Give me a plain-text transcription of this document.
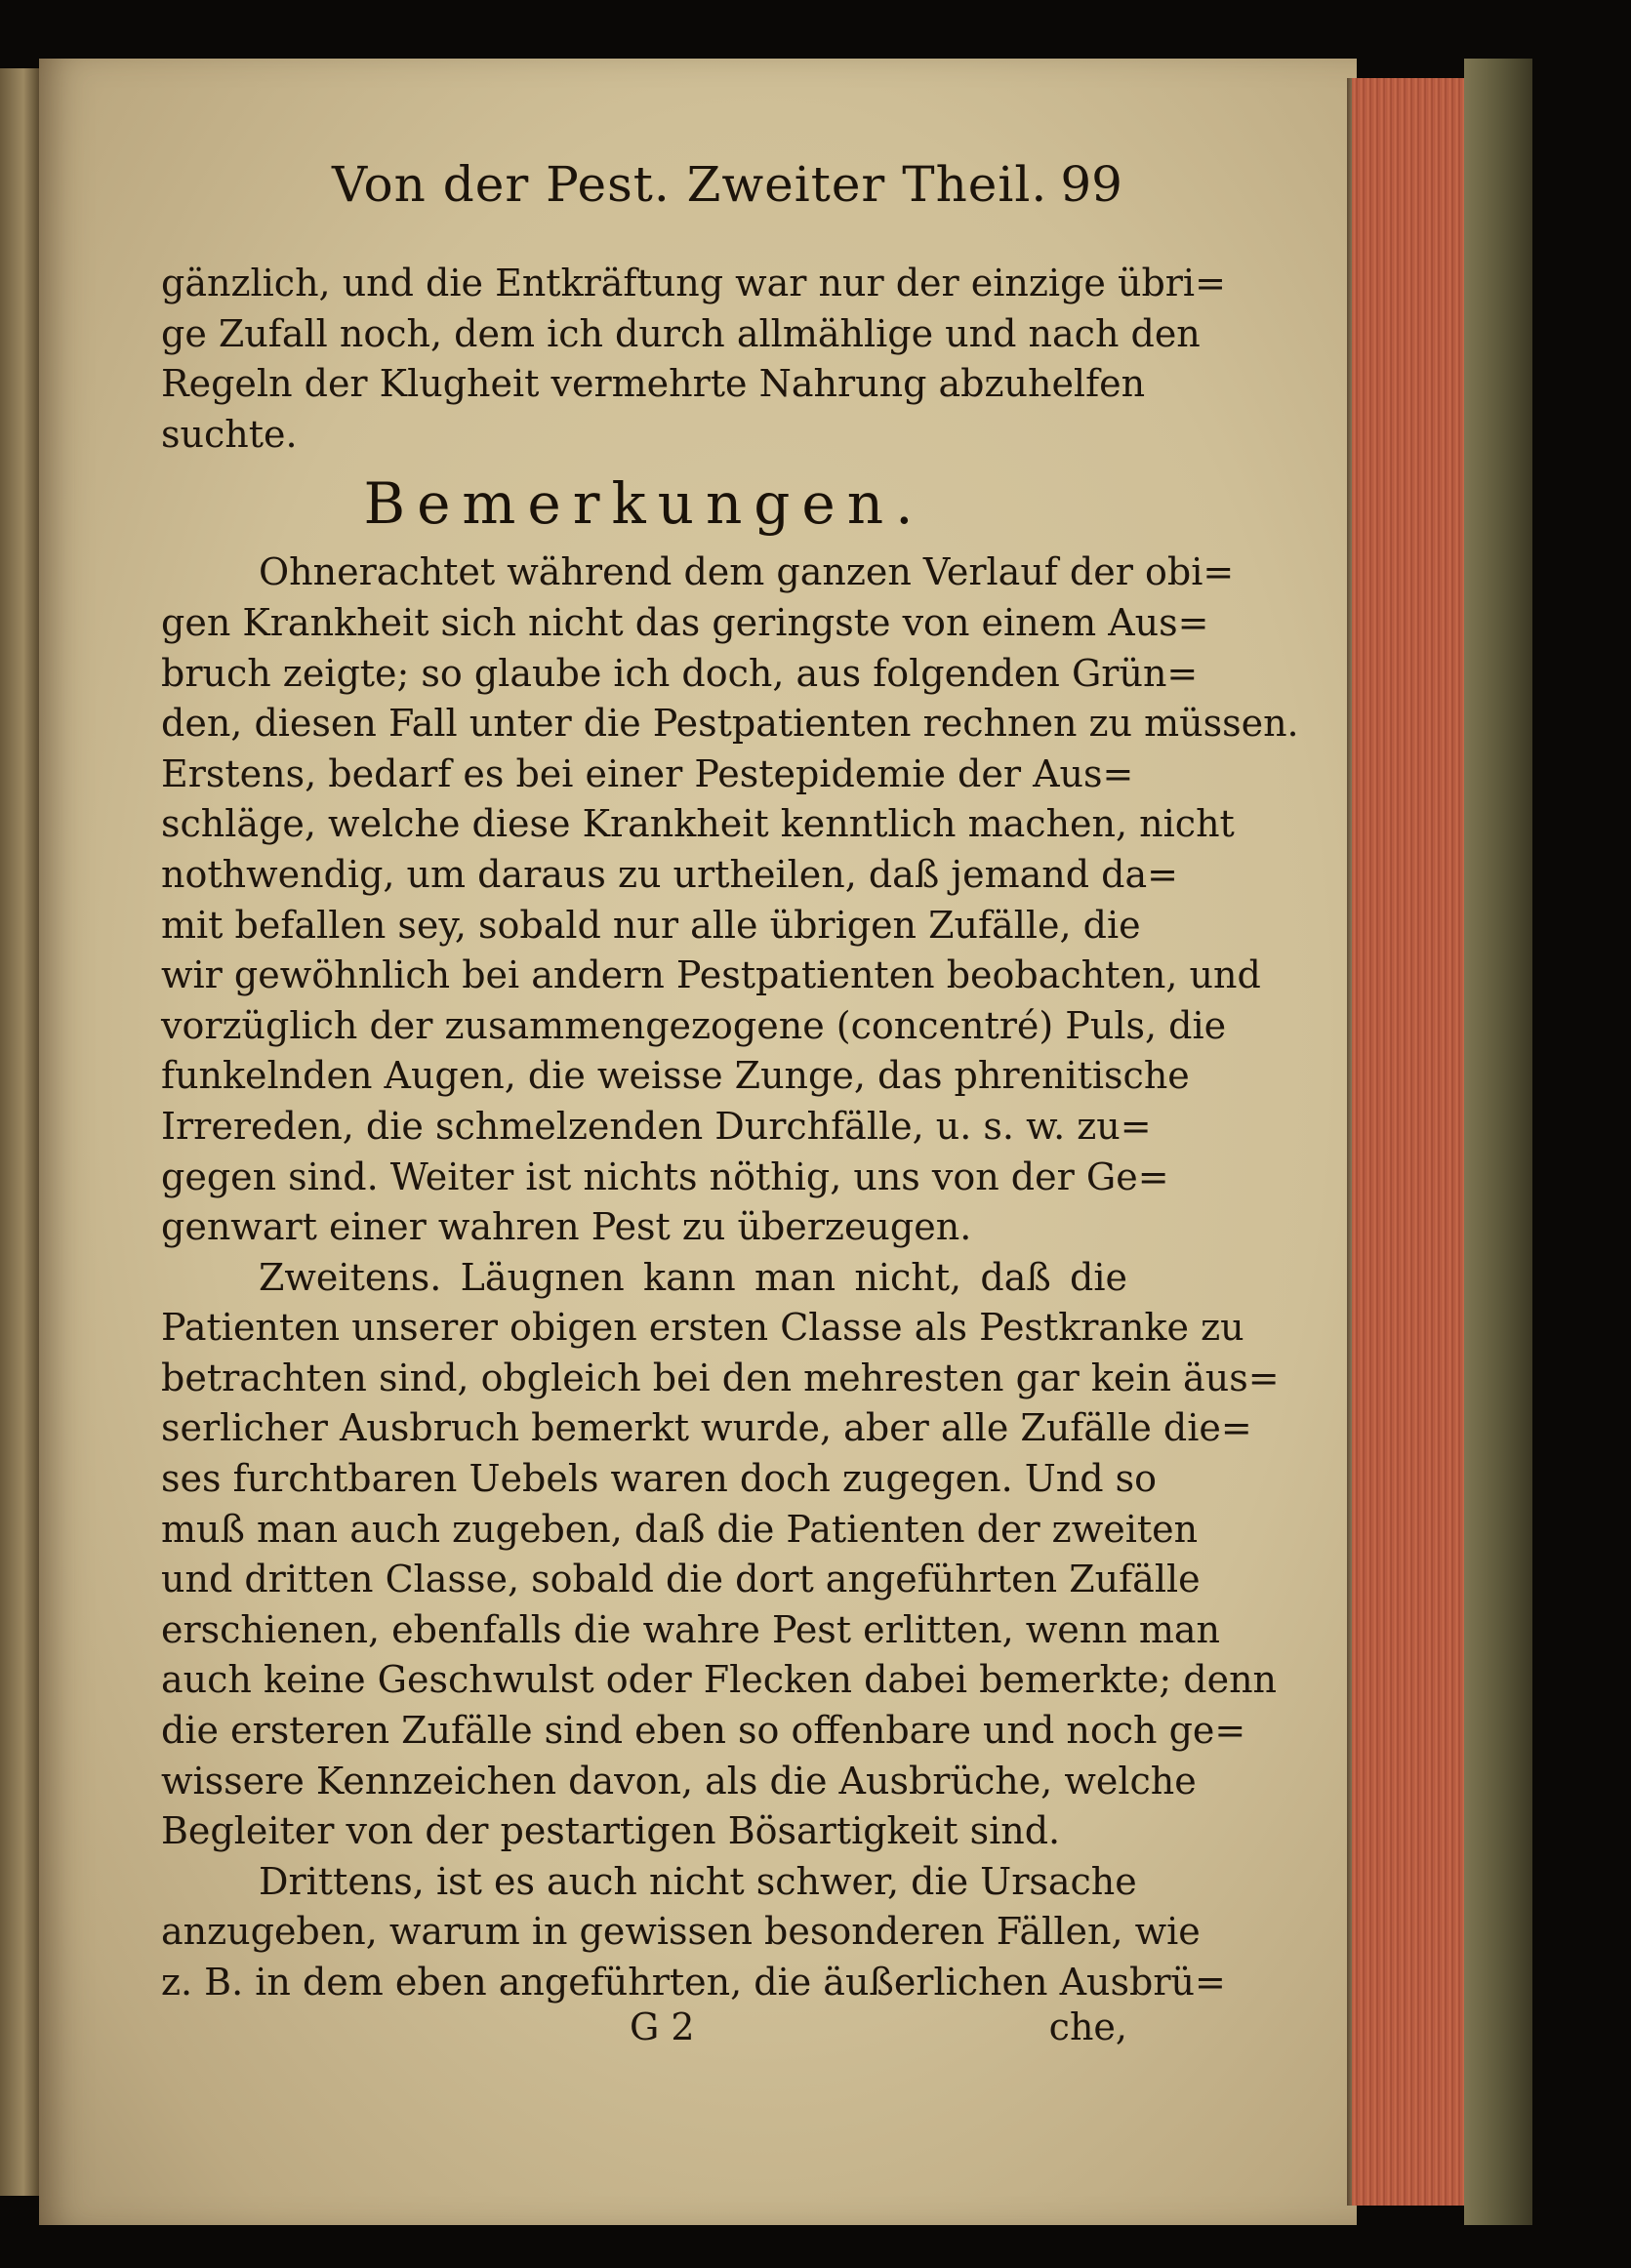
Von der Pest. Zweiter Theil. 99
gänzlich, und die Entkräftung war nur der einzige übri=
ge Zufall noch, dem ich durch allmählige und nach den
Regeln der Klugheit vermehrte Nahrung abzuhelfen
suchte.
Bemerkungen.
Ohnerachtet während dem ganzen Verlauf der obi=
gen Krankheit sich nicht das geringste von einem Aus=
bruch zeigte; so glaube ich doch, aus folgenden Grün=
den, diesen Fall unter die Pestpatienten rechnen zu müssen.
Erstens, bedarf es bei einer Pestepidemie der Aus=
schläge, welche diese Krankheit kenntlich machen, nicht
nothwendig, um daraus zu urtheilen, daß jemand da=
mit befallen sey, sobald nur alle übrigen Zufälle, die
wir gewöhnlich bei andern Pestpatienten beobachten, und
vorzüglich der zusammengezogene (concentré) Puls, die
funkelnden Augen, die weisse Zunge, das phrenitische
Irrereden, die schmelzenden Durchfälle, u. s. w. zu=
gegen sind. Weiter ist nichts nöthig, uns von der Ge=
genwart einer wahren Pest zu überzeugen.
Zweitens. Läugnen kann man nicht, daß die
Patienten unserer obigen ersten Classe als Pestkranke zu
betrachten sind, obgleich bei den mehresten gar kein äus=
serlicher Ausbruch bemerkt wurde, aber alle Zufälle die=
ses furchtbaren Uebels waren doch zugegen. Und so
muß man auch zugeben, daß die Patienten der zweiten
und dritten Classe, sobald die dort angeführten Zufälle
erschienen, ebenfalls die wahre Pest erlitten, wenn man
auch keine Geschwulst oder Flecken dabei bemerkte; denn
die ersteren Zufälle sind eben so offenbare und noch ge=
wissere Kennzeichen davon, als die Ausbrüche, welche
Begleiter von der pestartigen Bösartigkeit sind.
Drittens, ist es auch nicht schwer, die Ursache
anzugeben, warum in gewissen besonderen Fällen, wie
z. B. in dem eben angeführten, die äußerlichen Ausbrü=
G 2	che,
